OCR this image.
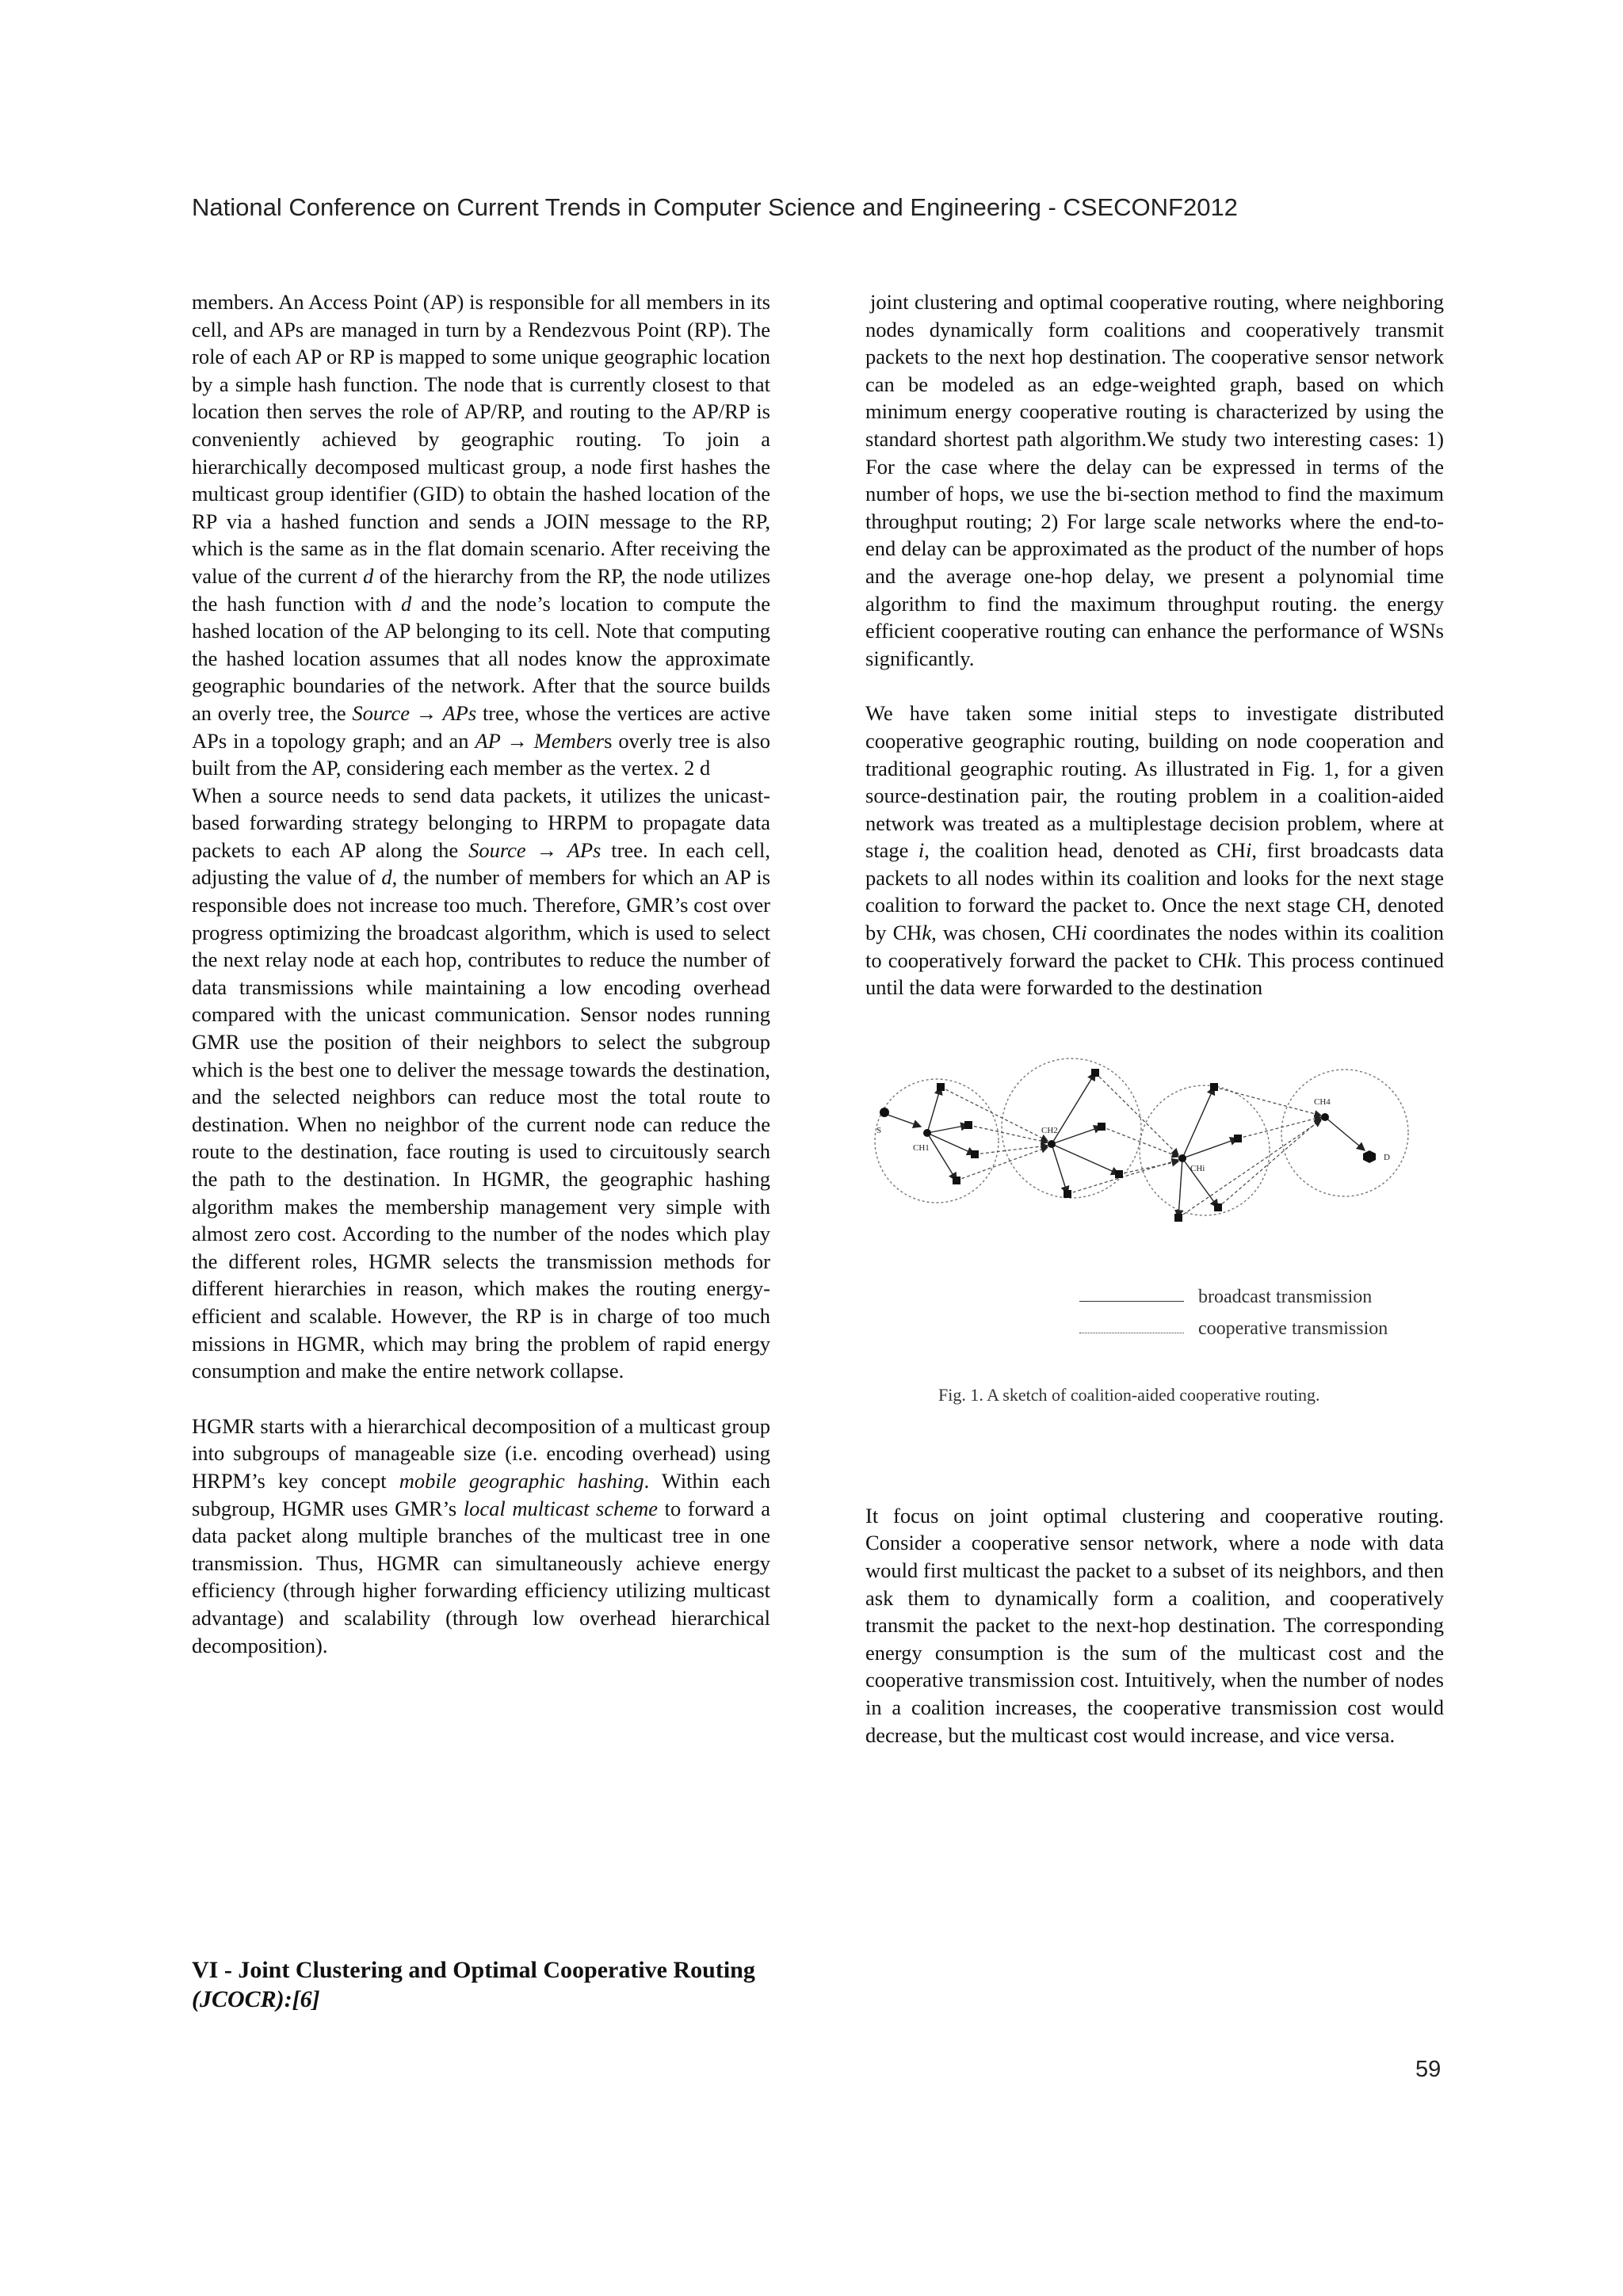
National Conference on Current Trends in Computer Science and Engineering - CSECONF2012

members. An Access Point (AP) is responsible for all members in its cell, and APs are managed in turn by a Rendezvous Point (RP). The role of each AP or RP is mapped to some unique geographic location by a simple hash function. The node that is currently closest to that location then serves the role of AP/RP, and routing to the AP/RP is conveniently achieved by geographic routing. To join a hierarchically decomposed multicast group, a node first hashes the multicast group identifier (GID) to obtain the hashed location of the RP via a hashed function and sends a JOIN message to the RP, which is the same as in the flat domain scenario. After receiving the value of the current d of the hierarchy from the RP, the node utilizes the hash function with d and the node’s location to compute the hashed location of the AP belonging to its cell. Note that computing the hashed location assumes that all nodes know the approximate geographic boundaries of the network. After that the source builds an overly tree, the Source → APs tree, whose the vertices are active APs in a topology graph; and an AP → Members overly tree is also built from the AP, considering each member as the vertex. 2 d

When a source needs to send data packets, it utilizes the unicast-based forwarding strategy belonging to HRPM to propagate data packets to each AP along the Source → APs tree. In each cell, adjusting the value of d, the number of members for which an AP is responsible does not increase too much. Therefore, GMR’s cost over progress optimizing the broadcast algorithm, which is used to select the next relay node at each hop, contributes to reduce the number of data transmissions while maintaining a low encoding overhead compared with the unicast communication. Sensor nodes running GMR use the position of their neighbors to select the subgroup which is the best one to deliver the message towards the destination, and the selected neighbors can reduce most the total route to destination. When no neighbor of the current node can reduce the route to the destination, face routing is used to circuitously search the path to the destination. In HGMR, the geographic hashing algorithm makes the membership management very simple with almost zero cost. According to the number of the nodes which play the different roles, HGMR selects the transmission methods for different hierarchies in reason, which makes the routing energy-efficient and scalable. However, the RP is in charge of too much missions in HGMR, which may bring the problem of rapid energy consumption and make the entire network collapse.

HGMR starts with a hierarchical decomposition of a multicast group into subgroups of manageable size (i.e. encoding overhead) using HRPM’s key concept mobile geographic hashing. Within each subgroup, HGMR uses GMR’s local multicast scheme to forward a data packet along multiple branches of the multicast tree in one transmission. Thus, HGMR can simultaneously achieve energy efficiency (through higher forwarding efficiency utilizing multicast advantage) and scalability (through low overhead hierarchical decomposition).

VI - Joint Clustering and Optimal Cooperative Routing (JCOCR):[6]

joint clustering and optimal cooperative routing, where neighboring nodes dynamically form coalitions and cooperatively transmit packets to the next hop destination. The cooperative sensor network can be modeled as an edge-weighted graph, based on which minimum energy cooperative routing is characterized by using the standard shortest path algorithm.We study two interesting cases: 1) For the case where the delay can be expressed in terms of the number of hops, we use the bi-section method to find the maximum throughput routing; 2) For large scale networks where the end-to-end delay can be approximated as the product of the number of hops and the average one-hop delay, we present a polynomial time algorithm to find the maximum throughput routing. the energy efficient cooperative routing can enhance the performance of WSNs significantly.

We have taken some initial steps to investigate distributed cooperative geographic routing, building on node cooperation and traditional geographic routing. As illustrated in Fig. 1, for a given source-destination pair, the routing problem in a coalition-aided network was treated as a multiplestage decision problem, where at stage i, the coalition head, denoted as CHi, first broadcasts data packets to all nodes within its coalition and looks for the next stage coalition to forward the packet to. Once the next stage CH, denoted by CHk, was chosen, CHi coordinates the nodes within its coalition to cooperatively forward the packet to CHk. This process continued until the data were forwarded to the destination

S
CH1
CH2
CHi
CH4
D
broadcast transmission
cooperative transmission
Fig. 1. A sketch of coalition-aided cooperative routing.

It focus on joint optimal clustering and cooperative routing. Consider a cooperative sensor network, where a node with data would first multicast the packet to a subset of its neighbors, and then ask them to dynamically form a coalition, and cooperatively transmit the packet to the next-hop destination. The corresponding energy consumption is the sum of the multicast cost and the cooperative transmission cost. Intuitively, when the number of nodes in a coalition increases, the cooperative transmission cost would decrease, but the multicast cost would increase, and vice versa.

59
